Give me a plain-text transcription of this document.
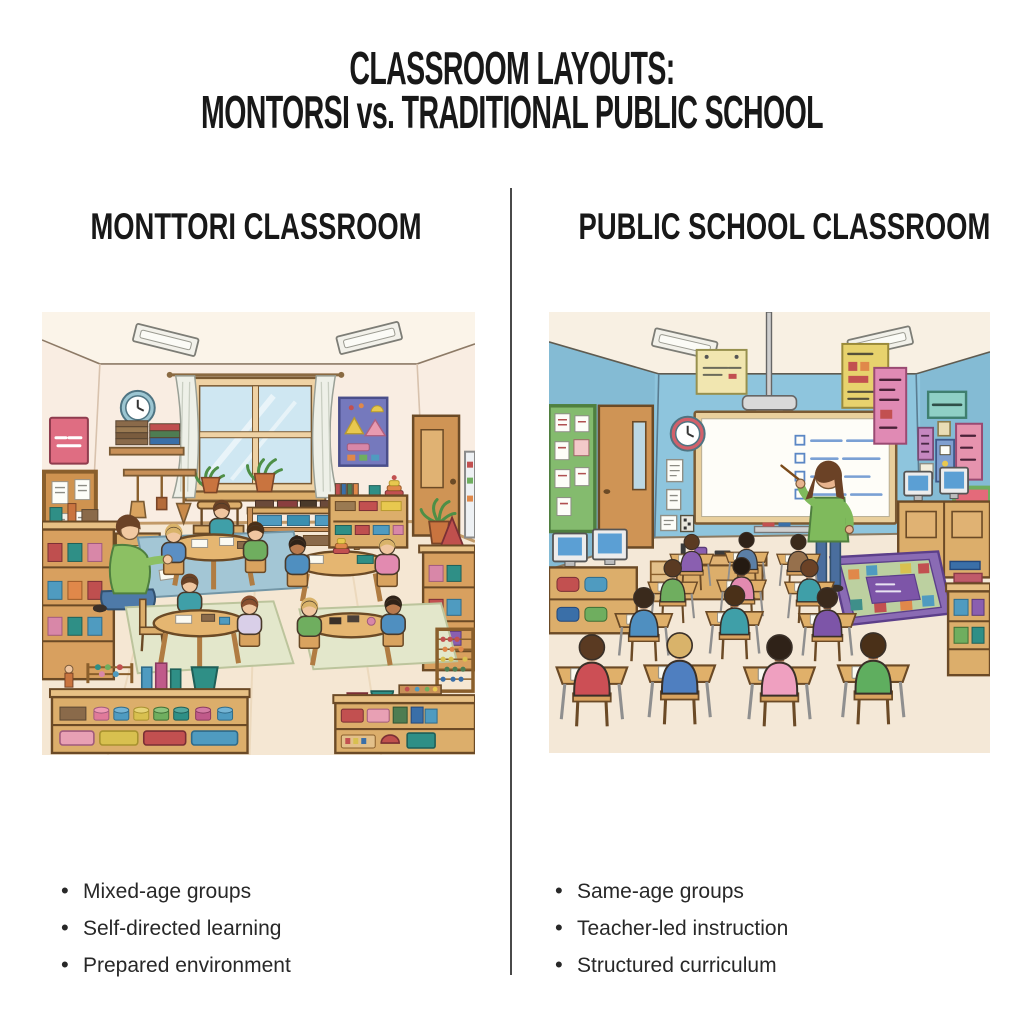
CLASSROOM LAYOUTS:
MONTORSI vs. TRADITIONAL PUBLIC SCHOOL
MONTTORI CLASSROOM	PUBLIC SCHOOL CLASSROOM
• Mixed-age groups
• Self-directed learning
• Prepared environment
• Same-age groups
• Teacher-led instruction
• Structured curriculum
